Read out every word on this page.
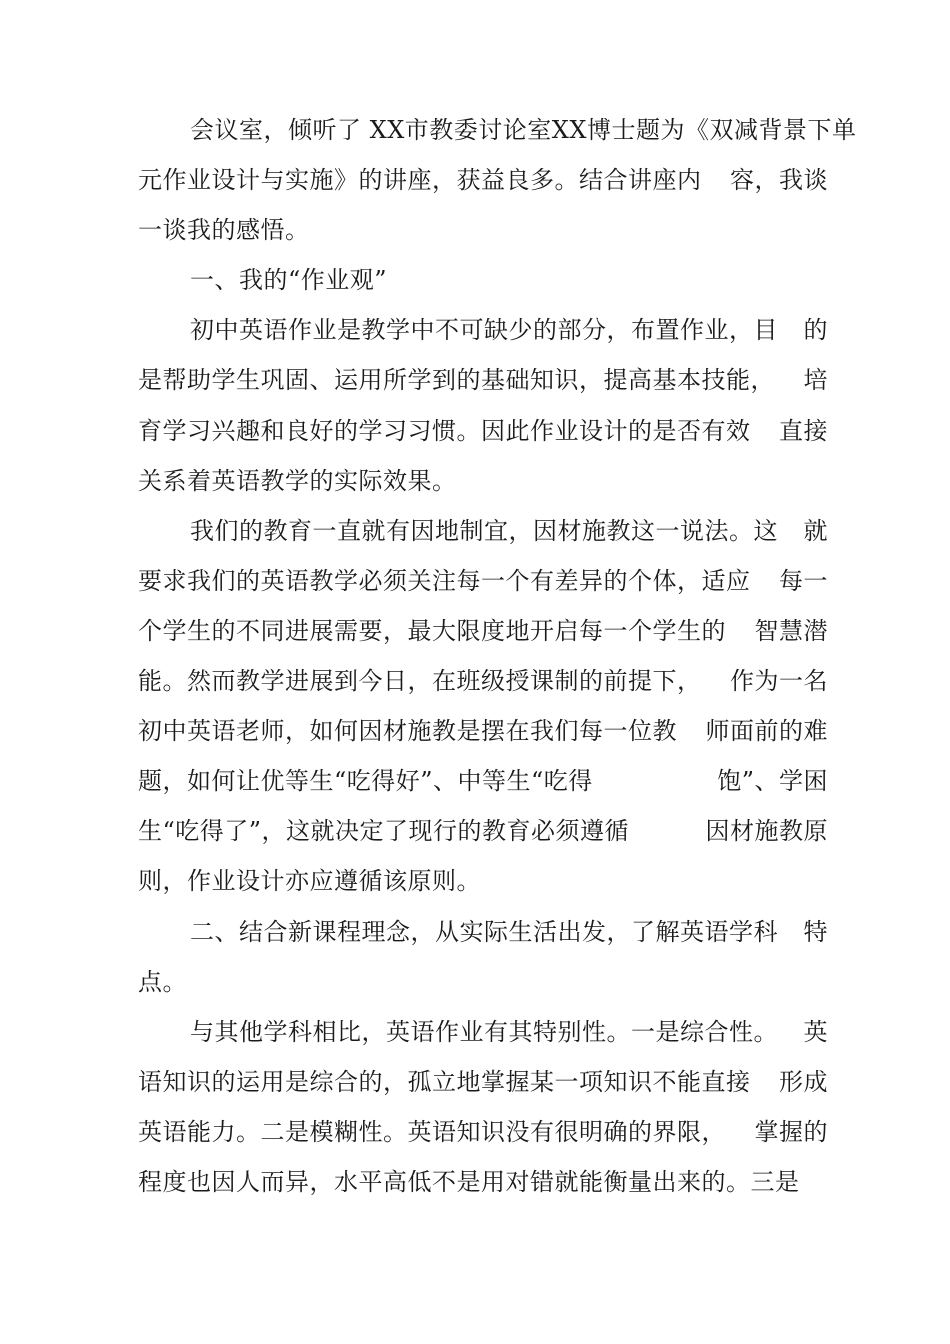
会议室，倾听了 XX市教委讨论室XX博士题为《双减背 景下单
元作业设计与实施》的讲座，获益良多。结合讲座内 容，我谈
一谈我的感悟。
一、我的“作业观”
初中英语作业是教学中不可缺少的部分，布置作业，目 的
是帮助学生巩固、运用所学到的基础知识，提高基本技能， 培
育学习兴趣和良好的学习习惯。因此作业设计的是否有效 直接
关系着英语教学的实际效果。
我们的教育一直就有因地制宜，因材施教这一说法。这 就
要求我们的英语教学必须关注每一个有差异的个体，适应 每一
个学生的不同进展需要，最大限度地开启每一个学生的 智慧潜
能。然而教学进展到今日，在班级授课制的前提下， 作为一名
初中英语老师，如何因材施教是摆在我们每一位教 师面前的难
题，如何让优等生“吃得好”、中等生“吃得	饱”、学困
生“吃得了”，这就决定了现行的教育必须遵循	因材施教原
则，作业设计亦应遵循该原则。
二、结合新课程理念，从实际生活出发，了解英语学科 特
点。
与其他学科相比，英语作业有其特别性。一是综合性。 英
语知识的运用是综合的，孤立地掌握某一项知识不能直接 形成
英语能力。二是模糊性。英语知识没有很明确的界限， 掌握的
程度也因人而异，水平高低不是用对错就能衡量出来 的。三是
